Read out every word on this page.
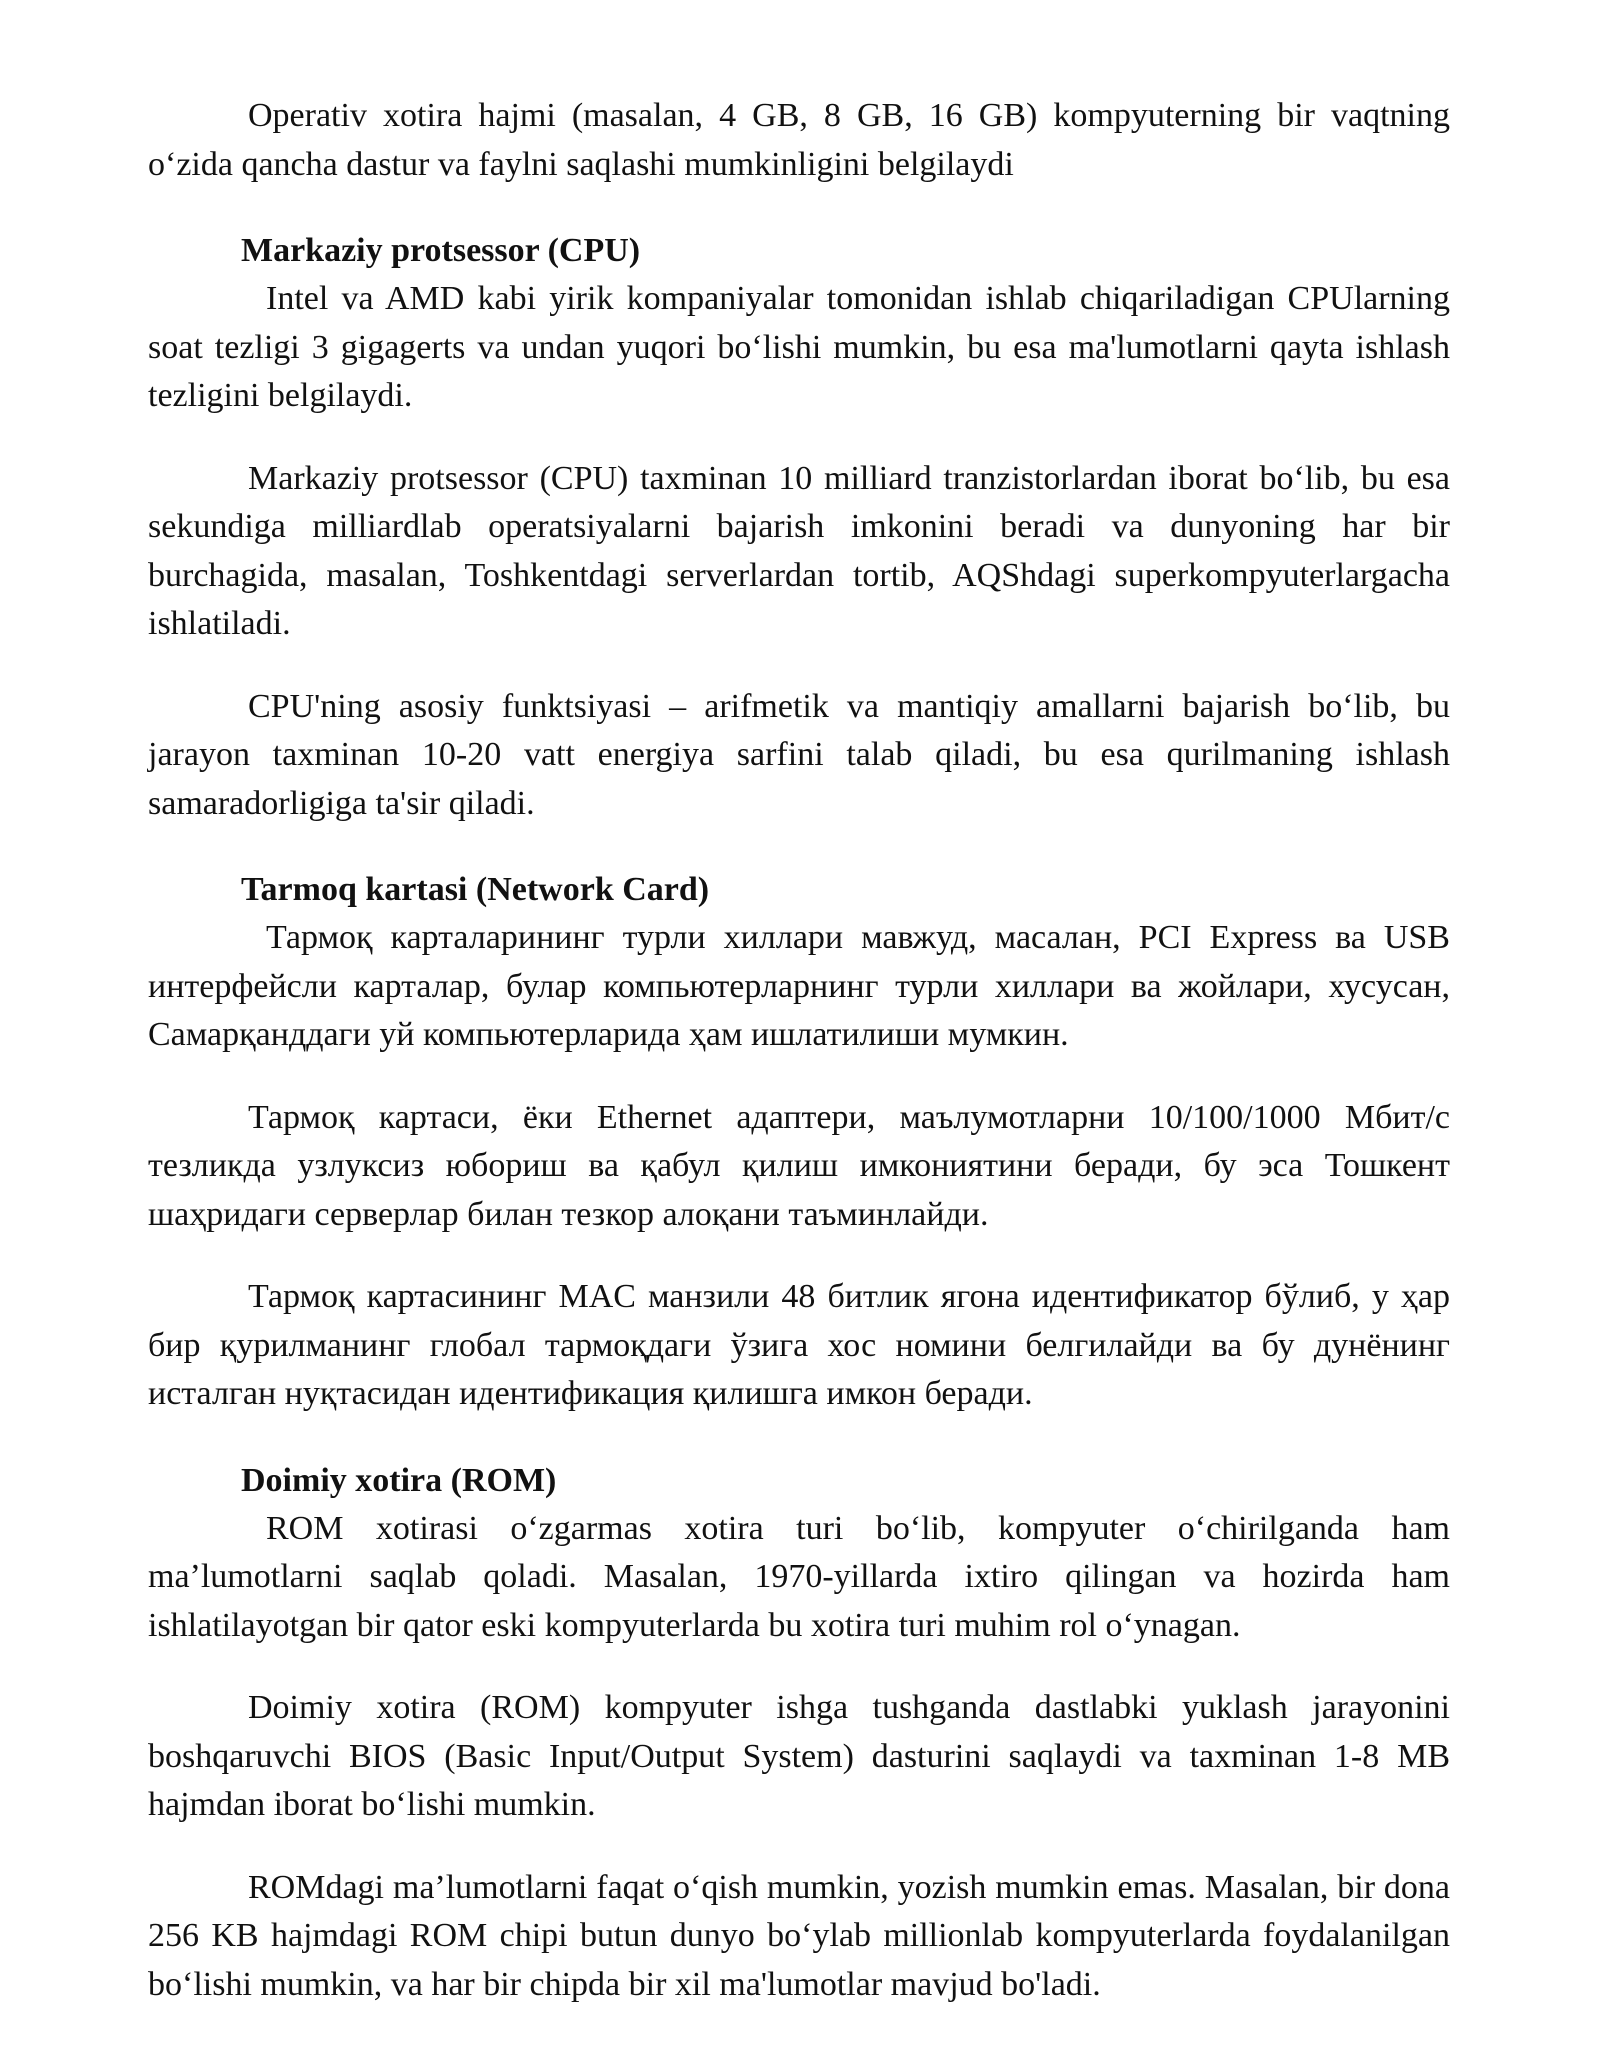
Operativ xotira hajmi (masalan, 4 GB, 8 GB, 16 GB) kompyuterning bir vaqtning oʻzida qancha dastur va faylni saqlashi mumkinligini belgilaydi

Markaziy protsessor (CPU)

Intel va AMD kabi yirik kompaniyalar tomonidan ishlab chiqariladigan CPUlarning soat tezligi 3 gigagerts va undan yuqori boʻlishi mumkin, bu esa ma'lumotlarni qayta ishlash tezligini belgilaydi.

Markaziy protsessor (CPU) taxminan 10 milliard tranzistorlardan iborat boʻlib, bu esa sekundiga milliardlab operatsiyalarni bajarish imkonini beradi va dunyoning har bir burchagida, masalan, Toshkentdagi serverlardan tortib, AQShdagi superkompyuterlargacha ishlatiladi.

CPU'ning asosiy funktsiyasi – arifmetik va mantiqiy amallarni bajarish boʻlib, bu jarayon taxminan 10-20 vatt energiya sarfini talab qiladi, bu esa qurilmaning ishlash samaradorligiga ta'sir qiladi.

Tarmoq kartasi (Network Card)

Тармоқ карталарининг турли хиллари мавжуд, масалан, PCI Express ва USB интерфейсли карталар, булар компьютерларнинг турли хиллари ва жойлари, хусусан, Самарқанддаги уй компьютерларида ҳам ишлатилиши мумкин.

Тармоқ картаси, ёки Ethernet адаптери, маълумотларни 10/100/1000 Мбит/с тезликда узлуксиз юбориш ва қабул қилиш имкониятини беради, бу эса Тошкент шаҳридаги серверлар билан тезкор алоқани таъминлайди.

Тармоқ картасининг MAC манзили 48 битлик ягона идентификатор бўлиб, у ҳар бир қурилманинг глобал тармоқдаги ўзига хос номини белгилайди ва бу дунёнинг исталган нуқтасидан идентификация қилишга имкон беради.

Doimiy xotira (ROM)

ROM xotirasi oʻzgarmas xotira turi boʻlib, kompyuter oʻchirilganda ham ma’lumotlarni saqlab qoladi. Masalan, 1970-yillarda ixtiro qilingan va hozirda ham ishlatilayotgan bir qator eski kompyuterlarda bu xotira turi muhim rol oʻynagan.

Doimiy xotira (ROM) kompyuter ishga tushganda dastlabki yuklash jarayonini boshqaruvchi BIOS (Basic Input/Output System) dasturini saqlaydi va taxminan 1-8 MB hajmdan iborat boʻlishi mumkin.

ROMdagi ma’lumotlarni faqat oʻqish mumkin, yozish mumkin emas. Masalan, bir dona 256 KB hajmdagi ROM chipi butun dunyo boʻylab millionlab kompyuterlarda foydalanilgan boʻlishi mumkin, va har bir chipda bir xil ma'lumotlar mavjud bo'ladi.
